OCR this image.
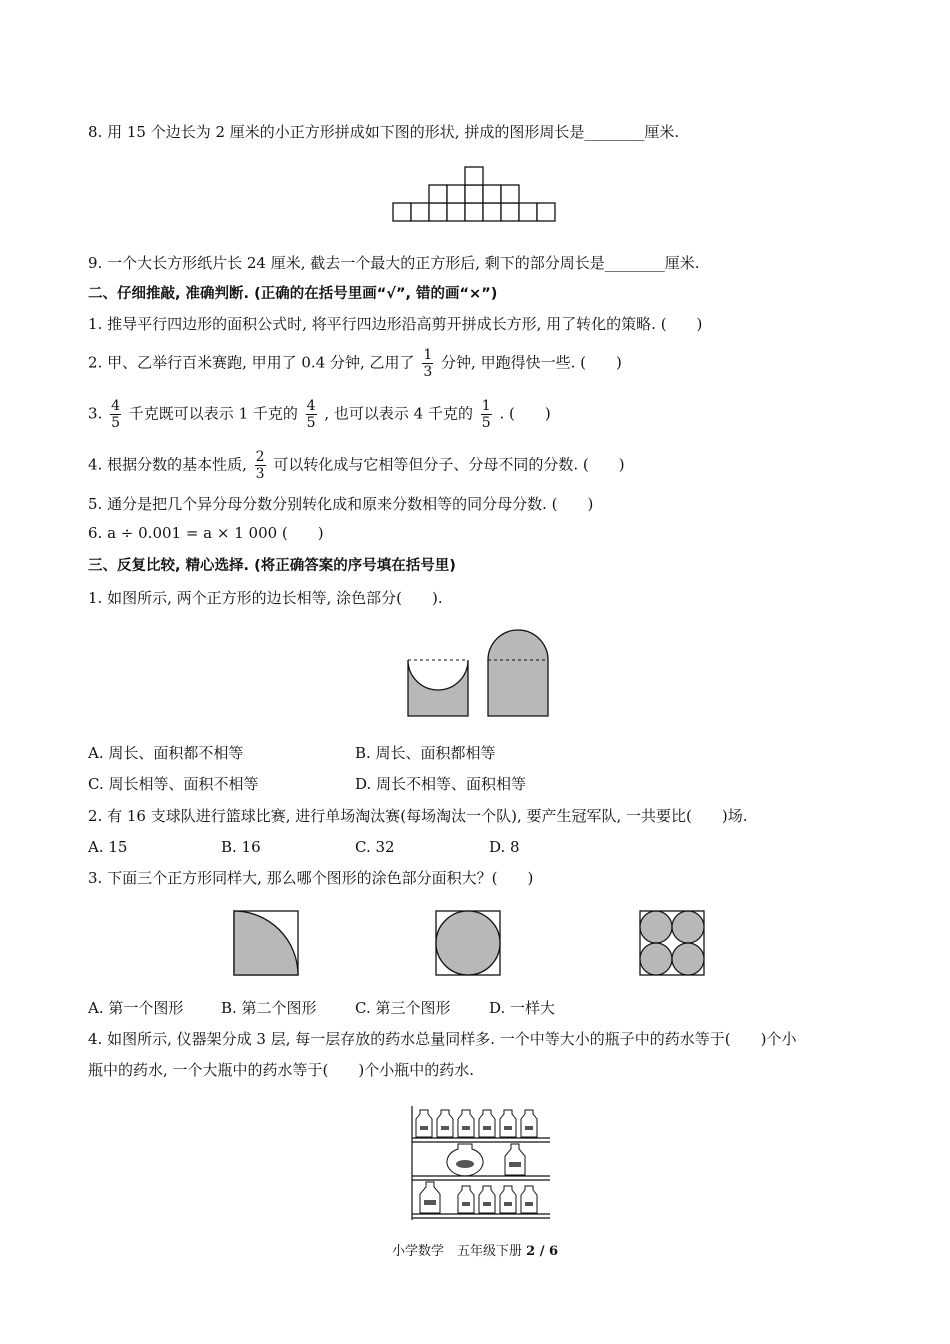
8. 用 15 个边长为 2 厘米的小正方形拼成如下图的形状, 拼成的图形周长是________厘米.
9. 一个大长方形纸片长 24 厘米, 截去一个最大的正方形后, 剩下的部分周长是________厘米.
二、仔细推敲, 准确判断. (正确的在括号里画“√”, 错的画“×”)
1. 推导平行四边形的面积公式时, 将平行四边形沿高剪开拼成长方形, 用了转化的策略. (　　)
2. 甲、乙举行百米赛跑, 甲用了 0.4 分钟, 乙用了 $\frac{1}{3}$ 分钟, 甲跑得快一些. (　　)
3. $\frac{4}{5}$ 千克既可以表示 1 千克的 $\frac{4}{5}$ , 也可以表示 4 千克的 $\frac{1}{5}$ . (　　)
4. 根据分数的基本性质, $\frac{2}{3}$ 可以转化成与它相等但分子、分母不同的分数. (　　)
5. 通分是把几个异分母分数分别转化成和原来分数相等的同分母分数. (　　)
6. a ÷ 0.001 = a × 1 000 (　　)
三、反复比较, 精心选择. (将正确答案的序号填在括号里)
1. 如图所示, 两个正方形的边长相等, 涂色部分(　　).
A. 周长、面积都不相等	B. 周长、面积都相等
C. 周长相等、面积不相等	D. 周长不相等、面积相等
2. 有 16 支球队进行篮球比赛, 进行单场淘汰赛(每场淘汰一个队), 要产生冠军队, 一共要比(　　)场.
A. 15	B. 16	C. 32	D. 8
3. 下面三个正方形同样大, 那么哪个图形的涂色部分面积大？(　　)
A. 第一个图形	B. 第二个图形	C. 第三个图形	D. 一样大
4. 如图所示, 仪器架分成 3 层, 每一层存放的药水总量同样多. 一个中等大小的瓶子中的药水等于(　　)个小
瓶中的药水, 一个大瓶中的药水等于(　　)个小瓶中的药水.
小学数学　五年级下册 2 / 6
